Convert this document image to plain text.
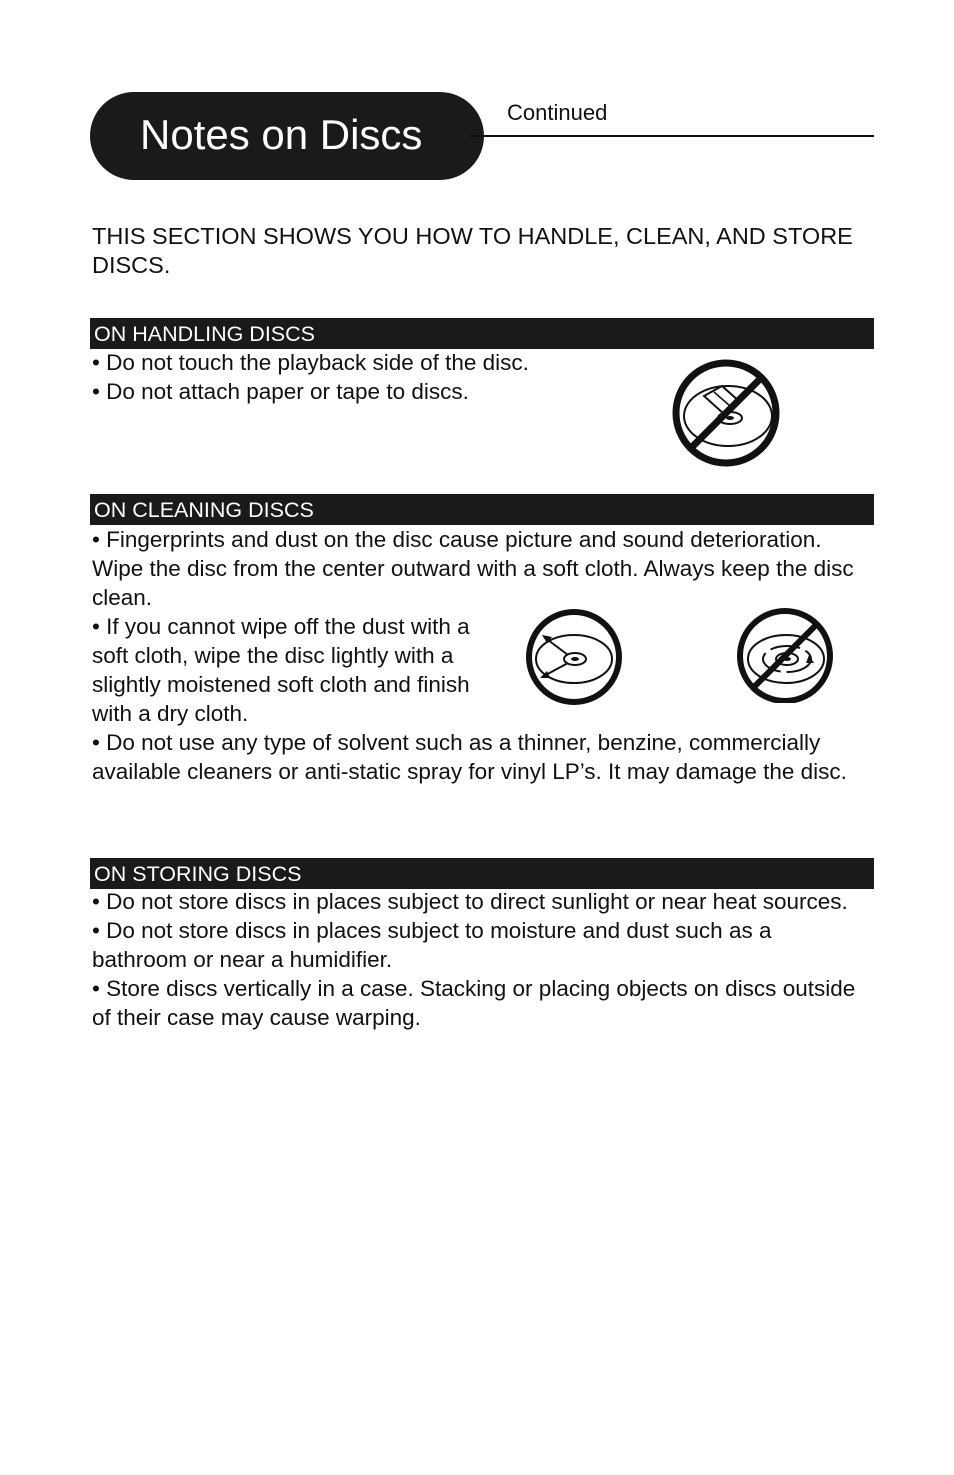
Notes on Discs	Continued
THIS SECTION SHOWS YOU HOW TO HANDLE, CLEAN, AND STORE DISCS.
ON HANDLING DISCS

• Do not touch the playback side of the disc.

• Do not attach paper or tape to discs.

ON CLEANING DISCS

• Fingerprints and dust on the disc cause picture and sound deterioration. Wipe the disc from the center outward with a soft cloth. Always keep the disc clean.

• If you cannot wipe off the dust with a soft cloth, wipe the disc lightly with a slightly moistened soft cloth and finish with a dry cloth.

• Do not use any type of solvent such as a thinner, benzine, commercially available cleaners or anti-static spray for vinyl LP’s. It may damage the disc.

ON STORING DISCS

• Do not store discs in places subject to direct sunlight or near heat sources.

• Do not store discs in places subject to moisture and dust such as a bathroom or near a humidifier.

• Store discs vertically in a case. Stacking or placing objects on discs outside of their case may cause warping.
